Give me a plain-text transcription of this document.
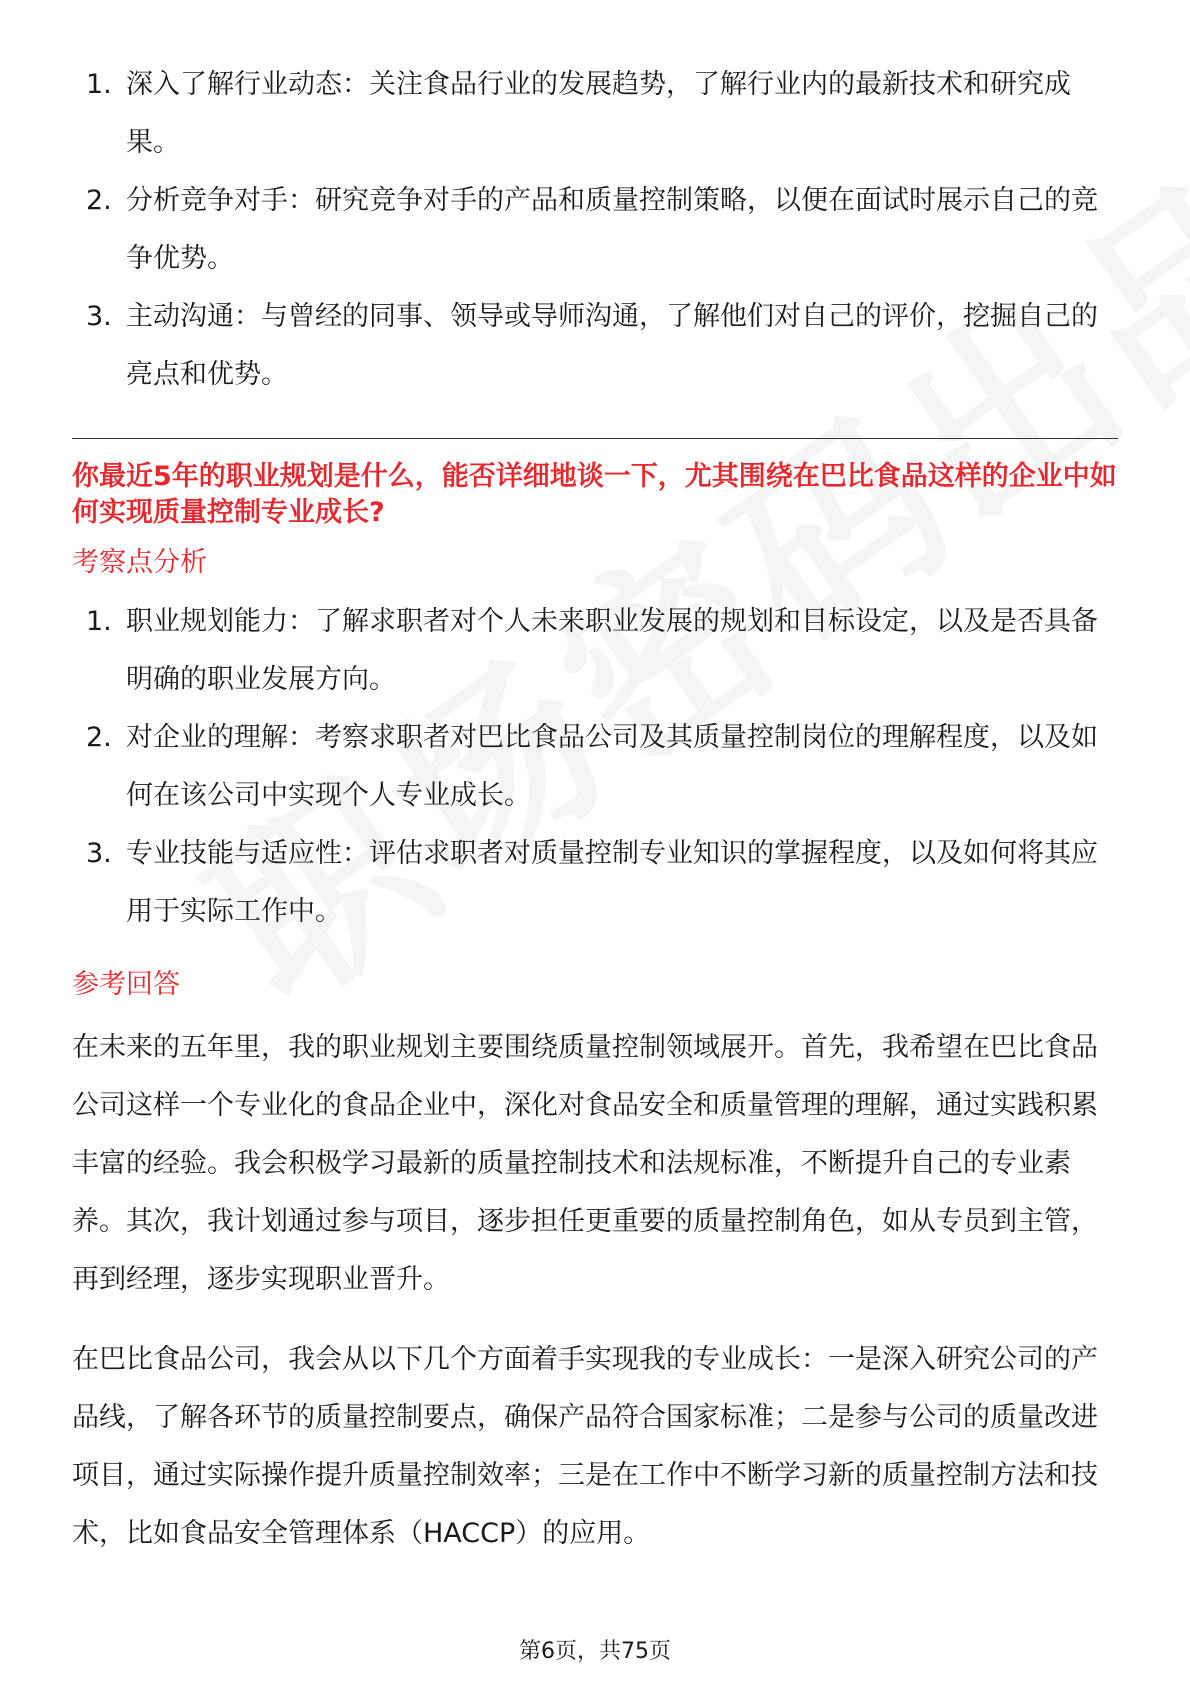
1. 深入了解行业动态：关注食品行业的发展趋势，了解行业内的最新技术和研究成果。
2. 分析竞争对手：研究竞争对手的产品和质量控制策略，以便在面试时展示自己的竞争优势。
3. 主动沟通：与曾经的同事、领导或导师沟通，了解他们对自己的评价，挖掘自己的亮点和优势。

你最近5年的职业规划是什么，能否详细地谈一下，尤其围绕在巴比食品这样的企业中如何实现质量控制专业成长?

考察点分析
1. 职业规划能力：了解求职者对个人未来职业发展的规划和目标设定，以及是否具备明确的职业发展方向。
2. 对企业的理解：考察求职者对巴比食品公司及其质量控制岗位的理解程度，以及如何在该公司中实现个人专业成长。
3. 专业技能与适应性：评估求职者对质量控制专业知识的掌握程度，以及如何将其应用于实际工作中。
参考回答

在未来的五年里，我的职业规划主要围绕质量控制领域展开。首先，我希望在巴比食品公司这样一个专业化的食品企业中，深化对食品安全和质量管理的理解，通过实践积累丰富的经验。我会积极学习最新的质量控制技术和法规标准，不断提升自己的专业素养。其次，我计划通过参与项目，逐步担任更重要的质量控制角色，如从专员到主管，再到经理，逐步实现职业晋升。

在巴比食品公司，我会从以下几个方面着手实现我的专业成长：一是深入研究公司的产品线，了解各环节的质量控制要点，确保产品符合国家标准；二是参与公司的质量改进项目，通过实际操作提升质量控制效率；三是在工作中不断学习新的质量控制方法和技术，比如食品安全管理体系（HACCP）的应用。

第6页，共75页
